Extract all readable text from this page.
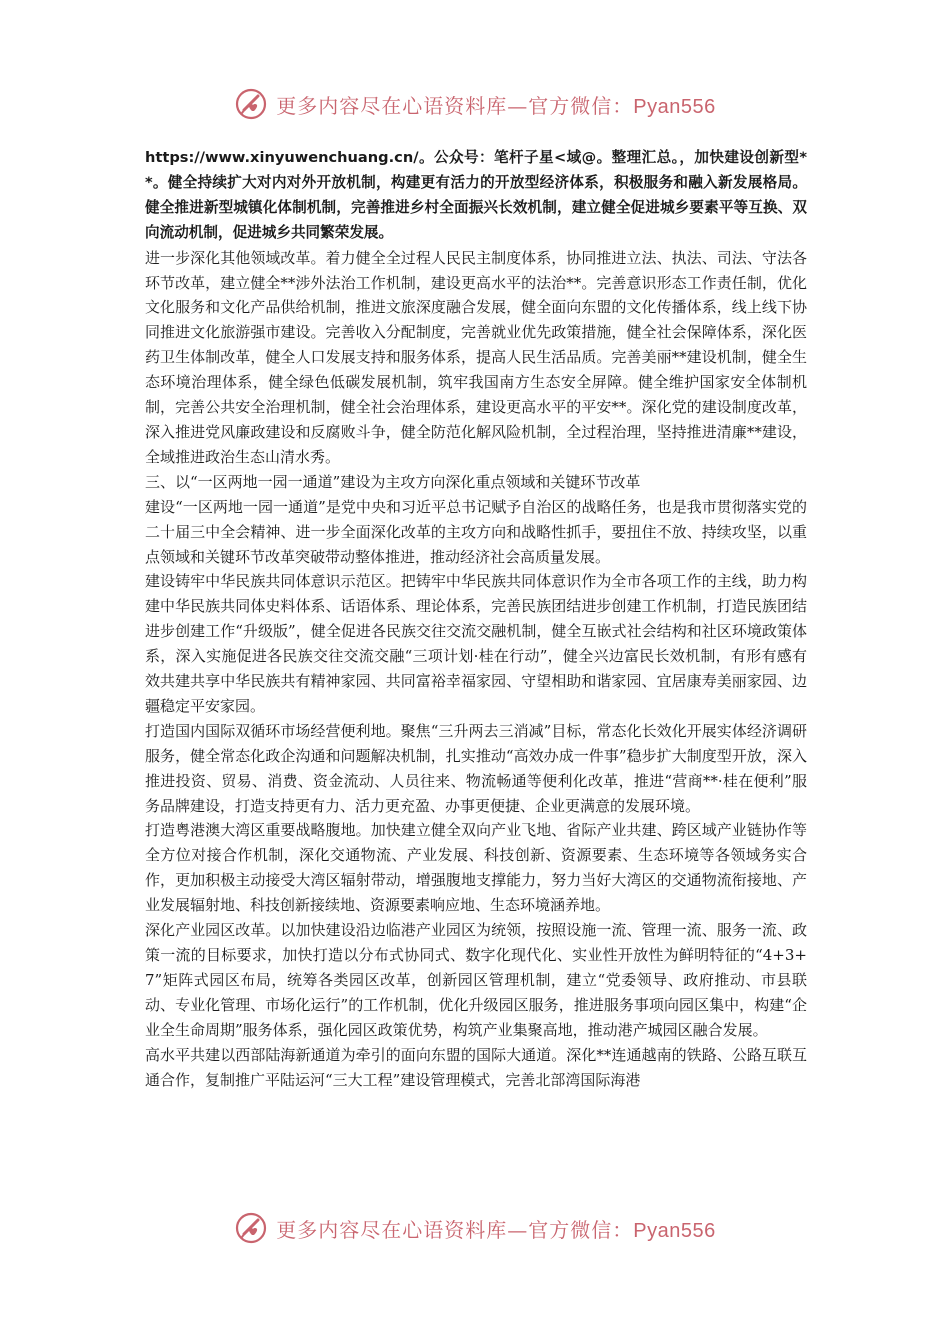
更多内容尽在心语资料库—官方微信：Pyan556

https://www.xinyuwenchuang.cn/。公众号：笔杆子星<域@。整理汇总。，加快建设创新型**。健全持续扩大对内对外开放机制，构建更有活力的开放型经济体系，积极服务和融入新发展格局。健全推进新型城镇化体制机制，完善推进乡村全面振兴长效机制，建立健全促进城乡要素平等互换、双向流动机制，促进城乡共同繁荣发展。

进一步深化其他领域改革。着力健全全过程人民民主制度体系，协同推进立法、执法、司法、守法各环节改革，建立健全**涉外法治工作机制，建设更高水平的法治**。完善意识形态工作责任制，优化文化服务和文化产品供给机制，推进文旅深度融合发展，健全面向东盟的文化传播体系，线上线下协同推进文化旅游强市建设。完善收入分配制度，完善就业优先政策措施，健全社会保障体系，深化医药卫生体制改革，健全人口发展支持和服务体系，提高人民生活品质。完善美丽**建设机制，健全生态环境治理体系，健全绿色低碳发展机制，筑牢我国南方生态安全屏障。健全维护国家安全体制机制，完善公共安全治理机制，健全社会治理体系，建设更高水平的平安**。深化党的建设制度改革，深入推进党风廉政建设和反腐败斗争，健全防范化解风险机制，全过程治理，坚持推进清廉**建设，全域推进政治生态山清水秀。

三、以“一区两地一园一通道”建设为主攻方向深化重点领域和关键环节改革

建设“一区两地一园一通道”是党中央和习近平总书记赋予自治区的战略任务，也是我市贯彻落实党的二十届三中全会精神、进一步全面深化改革的主攻方向和战略性抓手，要扭住不放、持续攻坚，以重点领域和关键环节改革突破带动整体推进，推动经济社会高质量发展。

建设铸牢中华民族共同体意识示范区。把铸牢中华民族共同体意识作为全市各项工作的主线，助力构建中华民族共同体史料体系、话语体系、理论体系，完善民族团结进步创建工作机制，打造民族团结进步创建工作“升级版”，健全促进各民族交往交流交融机制，健全互嵌式社会结构和社区环境政策体系，深入实施促进各民族交往交流交融“三项计划·桂在行动”，健全兴边富民长效机制，有形有感有效共建共享中华民族共有精神家园、共同富裕幸福家园、守望相助和谐家园、宜居康寿美丽家园、边疆稳定平安家园。

打造国内国际双循环市场经营便利地。聚焦“三升两去三消减”目标，常态化长效化开展实体经济调研服务，健全常态化政企沟通和问题解决机制，扎实推动“高效办成一件事”稳步扩大制度型开放，深入推进投资、贸易、消费、资金流动、人员往来、物流畅通等便利化改革，推进“营商**·桂在便利”服务品牌建设，打造支持更有力、活力更充盈、办事更便捷、企业更满意的发展环境。

打造粤港澳大湾区重要战略腹地。加快建立健全双向产业飞地、省际产业共建、跨区域产业链协作等全方位对接合作机制，深化交通物流、产业发展、科技创新、资源要素、生态环境等各领域务实合作，更加积极主动接受大湾区辐射带动，增强腹地支撑能力，努力当好大湾区的交通物流衔接地、产业发展辐射地、科技创新接续地、资源要素响应地、生态环境涵养地。

深化产业园区改革。以加快建设沿边临港产业园区为统领，按照设施一流、管理一流、服务一流、政策一流的目标要求，加快打造以分布式协同式、数字化现代化、实业性开放性为鲜明特征的“4+3+7”矩阵式园区布局，统筹各类园区改革，创新园区管理机制，建立“党委领导、政府推动、市县联动、专业化管理、市场化运行”的工作机制，优化升级园区服务，推进服务事项向园区集中，构建“企业全生命周期”服务体系，强化园区政策优势，构筑产业集聚高地，推动港产城园区融合发展。

高水平共建以西部陆海新通道为牵引的面向东盟的国际大通道。深化**连通越南的铁路、公路互联互通合作，复制推广平陆运河“三大工程”建设管理模式，完善北部湾国际海港

更多内容尽在心语资料库—官方微信：Pyan556
